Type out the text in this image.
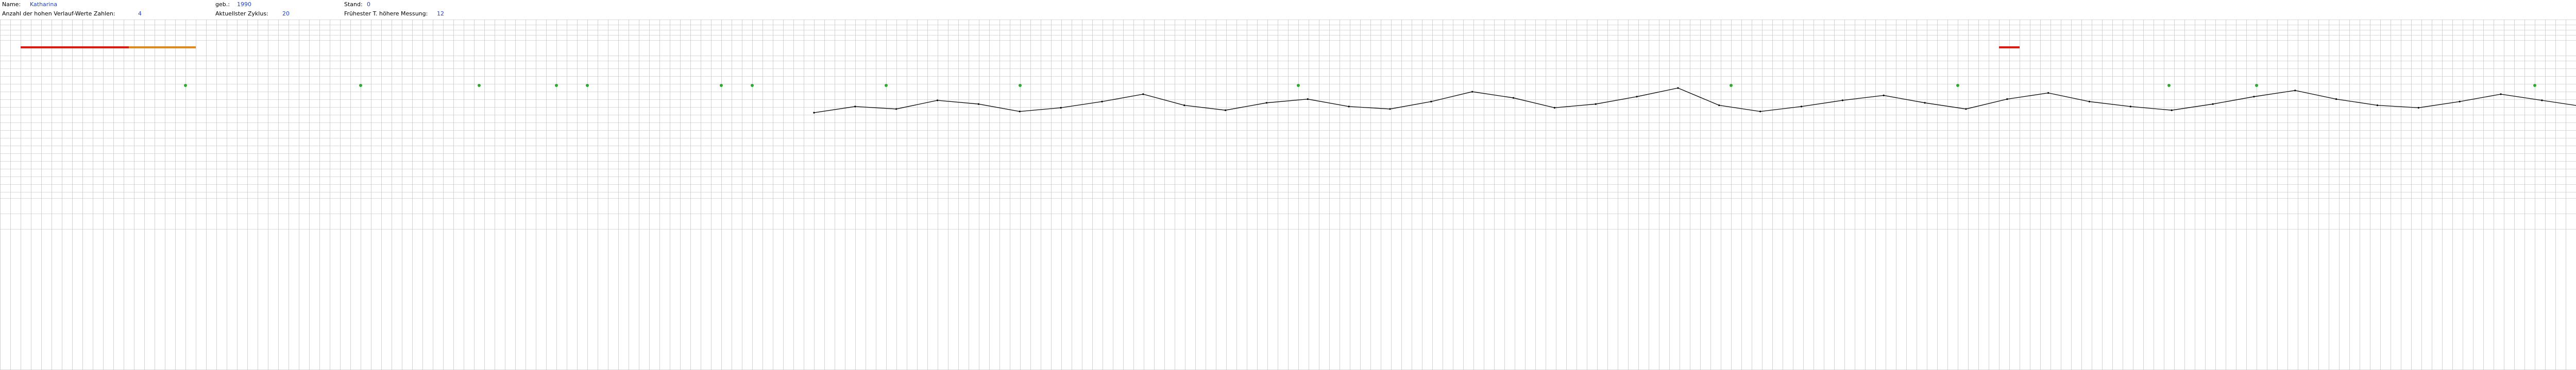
Name: Katharina	geb.: 1990	Stand: 0
Anzahl der hohen Verlauf-Werte Zahlen:	4	Aktuellster Zyklus: 20	Frühester T. höhere Messung: 12
